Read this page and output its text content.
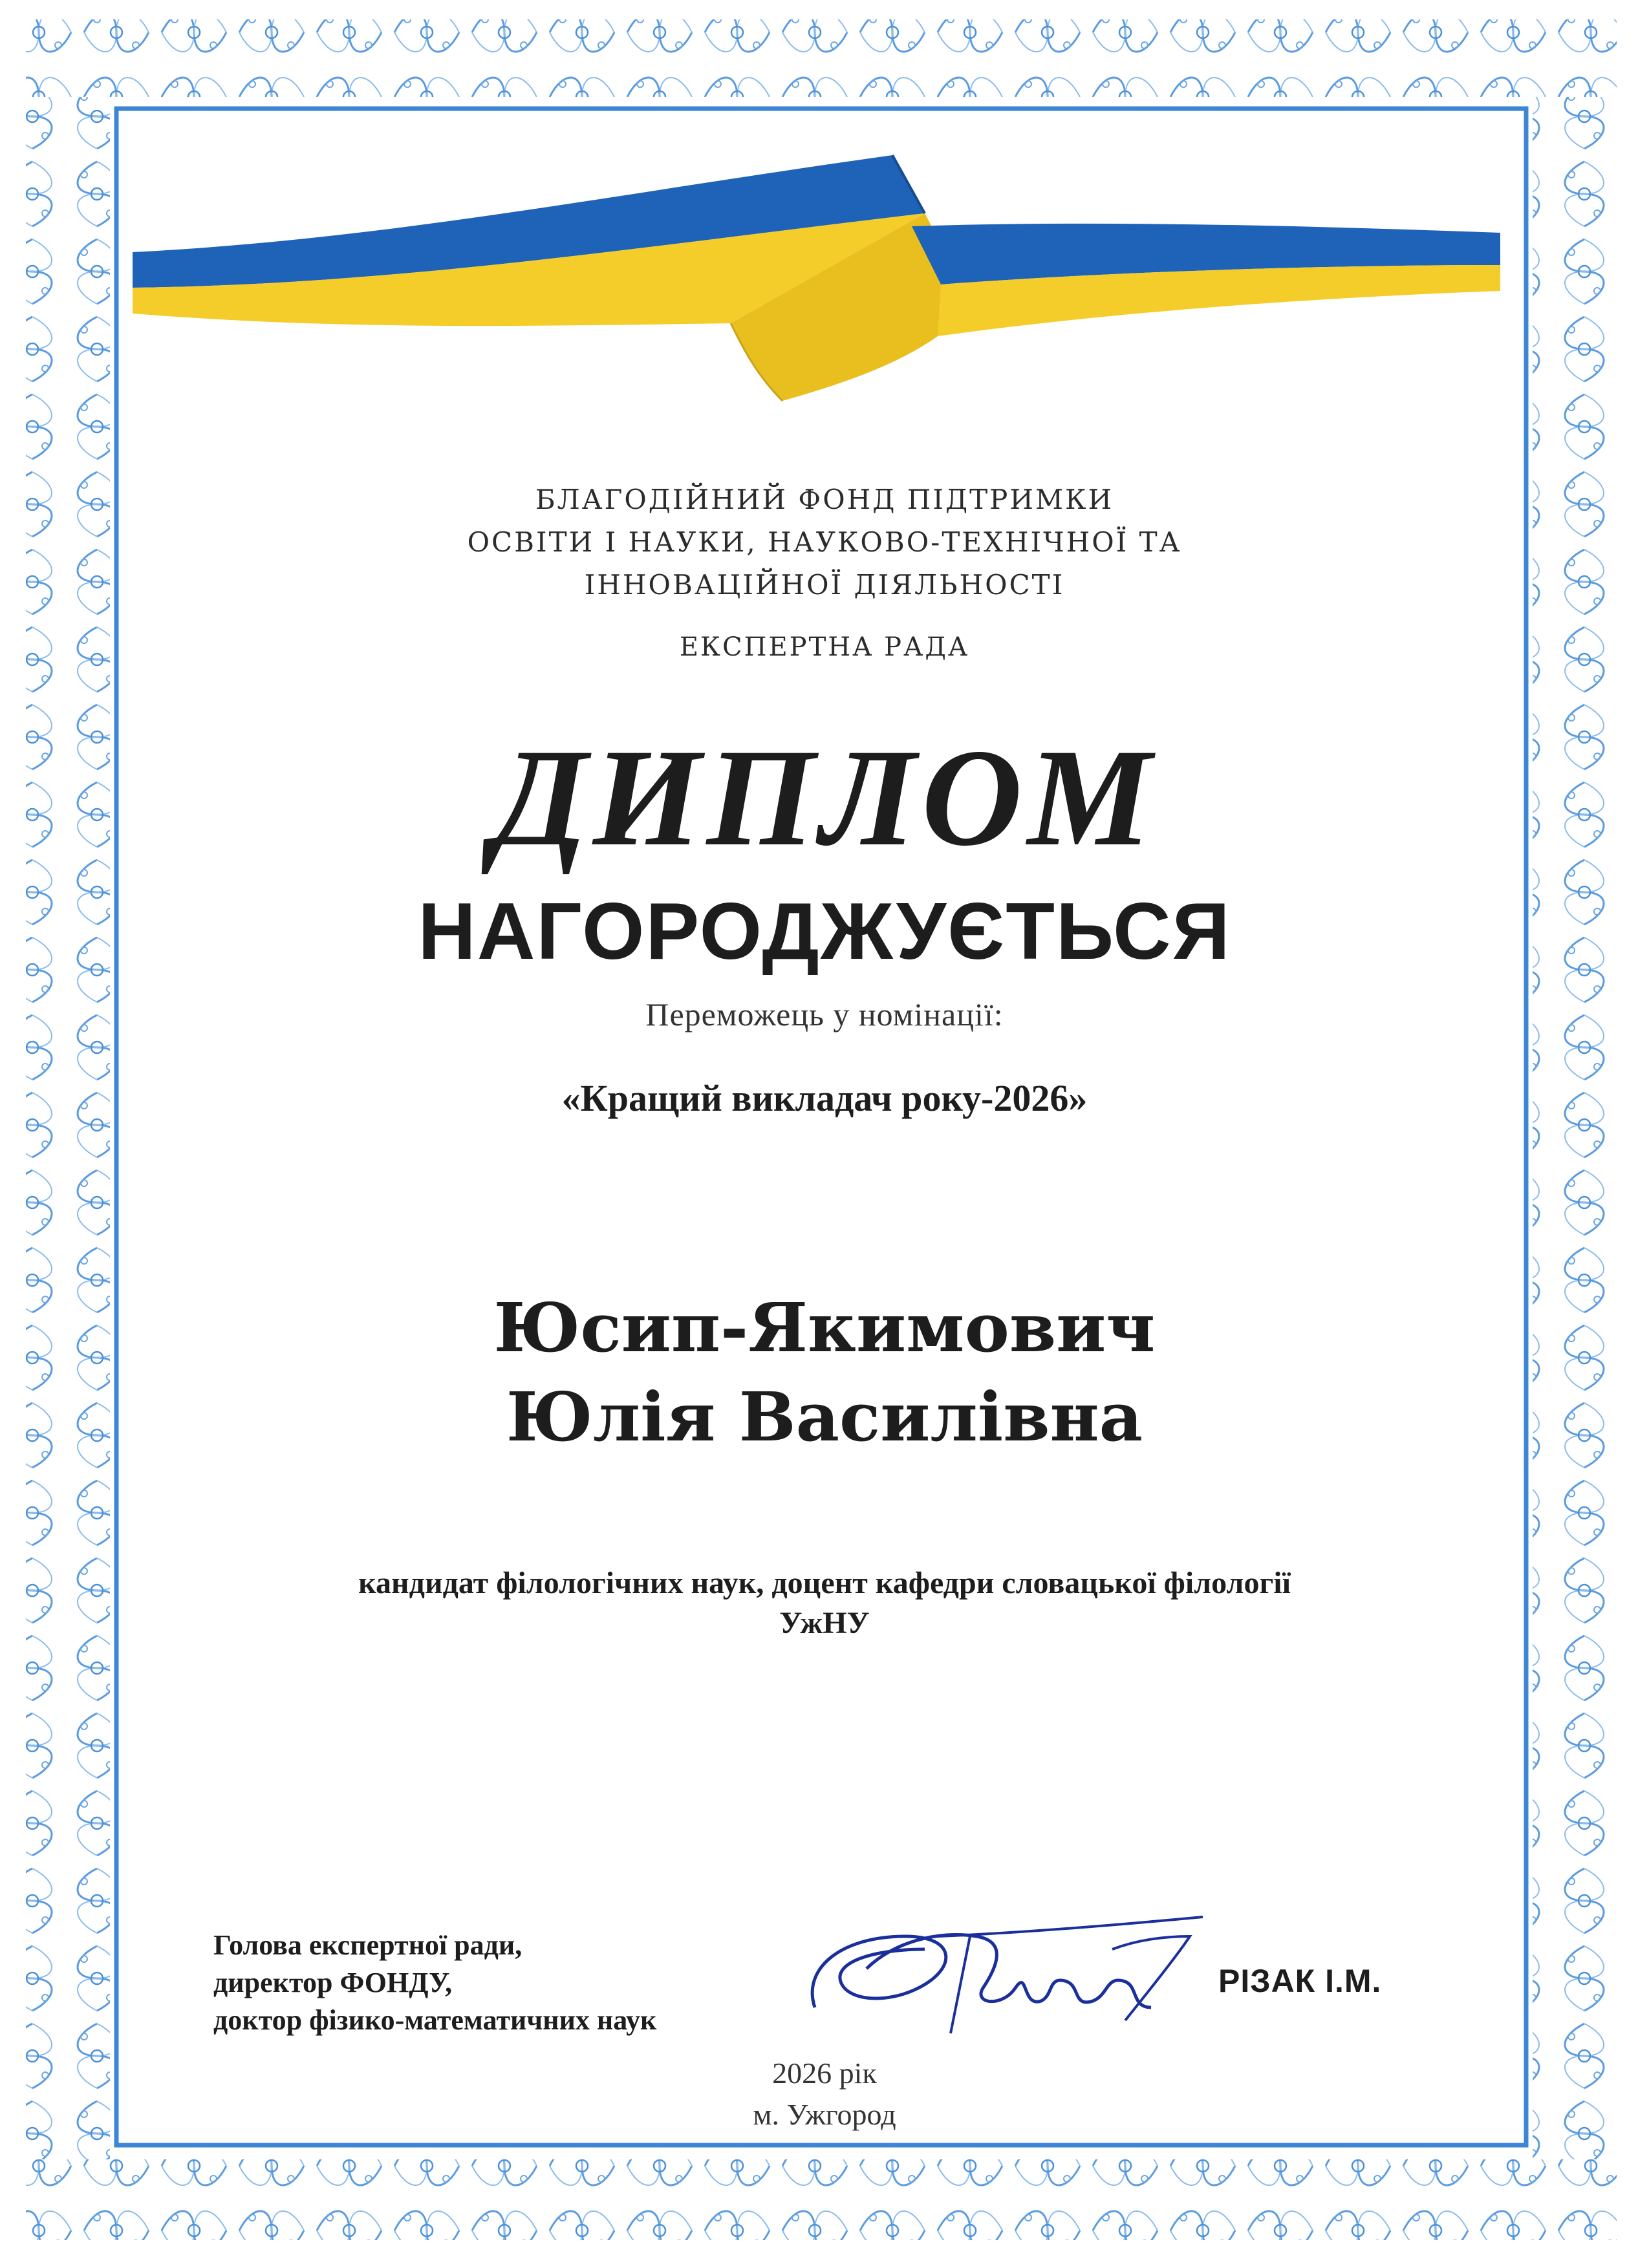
БЛАГОДІЙНИЙ ФОНД ПІДТРИМКИ
ОСВІТИ І НАУКИ, НАУКОВО-ТЕХНІЧНОЇ ТА
ІННОВАЦІЙНОЇ ДІЯЛЬНОСТІ
ЕКСПЕРТНА РАДА
ДИПЛОМ
НАГОРОДЖУЄТЬСЯ
Переможець у номінації:
«Кращий викладач року-2026»
Юсип-Якимович
Юлія Василівна
кандидат філологічних наук, доцент кафедри словацької філології
УжНУ
Голова експертної ради,
директор ФОНДУ,
доктор фізико-математичних наук
РІЗАК І.М.
2026 рік
м. Ужгород
